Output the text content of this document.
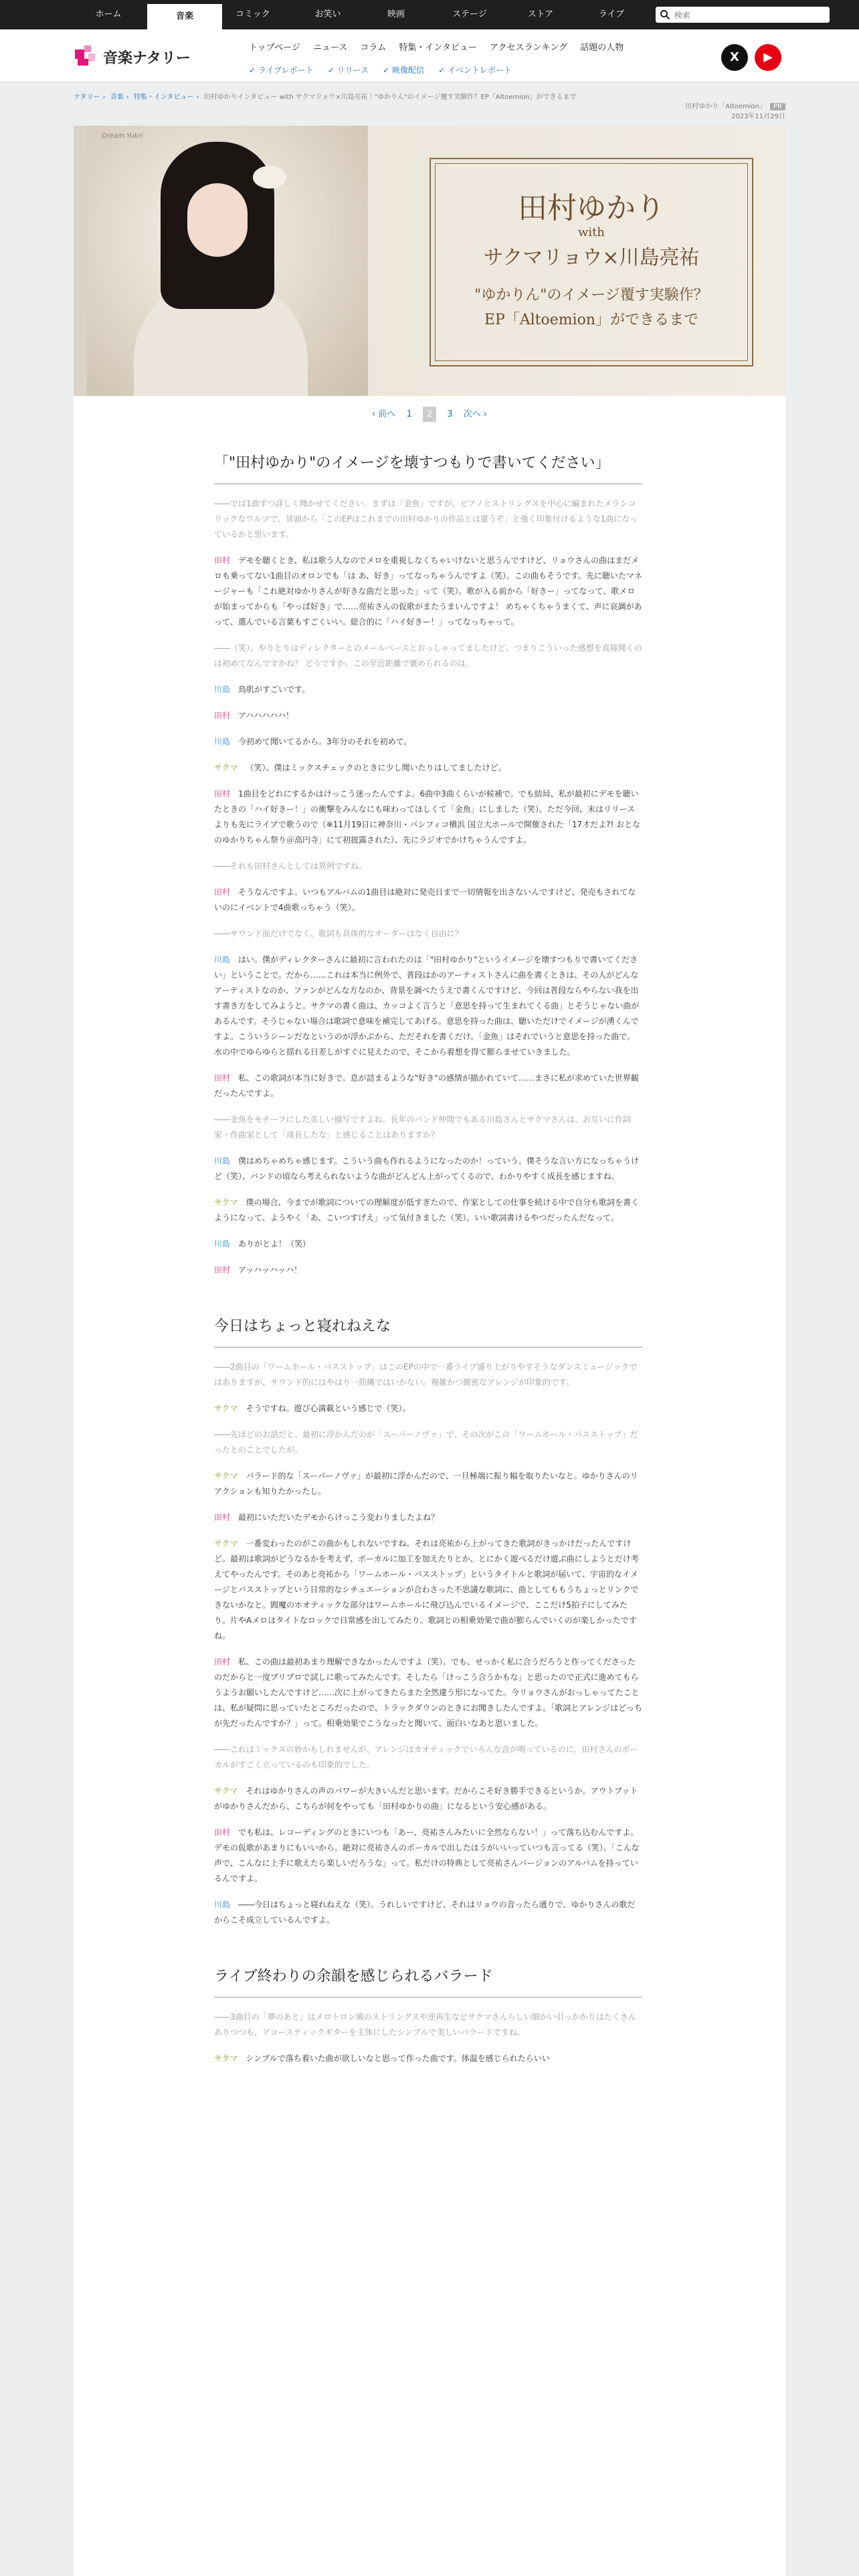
ホーム	音楽	コミック	お笑い	映画	ステージ	ストア	ライブ
検索
音楽ナタリー
トップページ ニュース コラム 特集・インタビュー アクセスランキング 話題の人物
✓ ライブレポート	✓ リリース	✓ 映像配信	✓ イベントレポート
X	▶
ナタリー › 音楽 › 特集・インタビュー › 田村ゆかりインタビュー with サクマリョウ×川島亮祐｜"ゆかりん"のイメージ覆す実験作？EP「Altoemion」ができるまで
田村ゆかり「Altoemion」 PR
2023年11月29日
Dream Yukri
田村ゆかり
with
サクマリョウ×川島亮祐
"ゆかりん"のイメージ覆す実験作？
EP「Altoemion」ができるまで
‹ 前へ 1 2 3 次へ ›
「"田村ゆかり"のイメージを壊すつもりで書いてください」

――では1曲ずつ詳しく聞かせてください。まずは「金魚」ですが、ピアノとストリングスを中心に編まれたメランコリックなワルツで、冒頭から「このEPはこれまでの田村ゆかりの作品とは違うぞ」と強く印象付けるような1曲になっているかと思います。

田村 デモを聴くとき、私は歌う人なのでメロを重視しなくちゃいけないと思うんですけど、リョウさんの曲はまだメロも乗ってない1曲目のオロンでも「は あ、好き」ってなっちゃうんですよ（笑）。この曲もそうです。先に聴いたマネージャーも「これ絶対ゆかりさんが好きな曲だと思った」って（笑）。歌が入る前から「好きー」ってなって、歌メロが始まってからも「やっぱ好き」で……亮祐さんの仮歌がまたうまいんですよ！ めちゃくちゃうまくて、声に哀調があって、選んでいる言葉もすごくいい。総合的に「ハイ好きー！」ってなっちゃって。

――（笑）。やりとりはディレクターとのメールベースとおっしゃってましたけど、つまりこういった感想を直接聞くのは初めてなんですかね？ どうですか、この至近距離で褒められるのは。

川島 鳥肌がすごいです。

田村 アハハハハハ！

川島 今初めて聞いてるから。3年分のそれを初めて。

サクマ （笑）。僕はミックスチェックのときに少し聞いたりはしてましたけど。

田村 1曲目をどれにするかはけっこう迷ったんですよ。6曲中3曲くらいが候補で。でも結局、私が最初にデモを聴いたときの「ハイ好きー！」の衝撃をみんなにも味わってほしくて「金魚」にしました（笑）。ただ今回、末はリリースよりも先にライブで歌うので（※11月19日に神奈川・パシフィコ横浜 国立大ホールで開催された「17才だよ?! おとなのゆかりちゃん祭り＠高円寺」にて初披露された）、先にラジオでかけちゃうんですよ。

――それも田村さんとしては異例ですね。

田村 そうなんですよ。いつもアルバムの1曲目は絶対に発売日まで一切情報を出さないんですけど、発売もされてないのにイベントで4曲歌っちゃう（笑）。

――サウンド面だけでなく、歌詞も具体的なオーダーはなく自由に？

川島 はい。僕がディレクターさんに最初に言われたのは「"田村ゆかり"というイメージを壊すつもりで書いてください」ということで。だから……これは本当に例外で、普段はかのアーティストさんに曲を書くときは、その人がどんなアーティストなのか、ファンがどんな方なのか、背景を調べたうえで書くんですけど、今回は普段ならやらない我を出す書き方をしてみようと。サクマの書く曲は、カッコよく言うと「意思を持って生まれてくる曲」とそうじゃない曲があるんです。そうじゃない場合は歌詞で意味を補完してあげる。意思を持った曲は、聴いただけでイメージが湧くんですよ。こういうシーンだなというのが浮かぶから、ただそれを書くだけ。「金魚」はそれでいうと意思を持った曲で。水の中でゆらゆらと揺れる日差しがすぐに見えたので、そこから着想を得て膨らませていきました。

田村 私、この歌詞が本当に好きで。息が詰まるような"好き"の感情が描かれていて……まさに私が求めていた世界観だったんですよ。

――金魚をモチーフにした美しい描写ですよね。長年のバンド仲間でもある川島さんとサクマさんは、お互いに作詞家・作曲家として「成長したな」と感じることはありますか？

川島 僕はめちゃめちゃ感じます。こういう曲も作れるようになったのか！っていう。僕そうな言い方になっちゃうけど（笑）、バンドの頃なら考えられないような曲がどんどん上がってくるので、わかりやすく成長を感じますね。

サクマ 僕の場合、今までが歌詞についての理解度が低すぎたので、作家としての仕事を続ける中で自分も歌詞を書くようになって、ようやく「あ、こいつすげえ」って気付きました（笑）。いい歌詞書けるやつだったんだなって。

川島 ありがとよ！（笑）

田村 アッハッハッハ！

今日はちょっと寝れねえな

――2曲目の「ワームホール・パスストップ」はこのEPの中で一番ライブ盛り上がりやすそうなダンスミュージックではありますが、サウンド的にはやはり一筋縄ではいかない。複雑かつ緻密なアレンジが印象的です。

サクマ そうですね。遊び心満載という感じで（笑）。

――先ほどのお話だと、最初に浮かんだのが「スーパーノヴァ」で、その次がこの「ワームホール・パスストップ」だったとのことでしたが。

サクマ バラード的な「スーパーノヴァ」が最初に浮かんだので、一旦極端に振り幅を取りたいなと。ゆかりさんのリアクションも知りたかったし。

田村 最初にいただいたデモからけっこう変わりましたよね？

サクマ 一番変わったのがこの曲かもしれないですね。それは亮祐から上がってきた歌詞がきっかけだったんですけど。最初は歌詞がどうなるかを考えず、ボーカルに加工を加えたりとか、とにかく遊べるだけ遊ぶ曲にしようとだけ考えてやったんです。そのあと亮祐から「ワームホール・パスストップ」というタイトルと歌詞が届いて、宇宙的なイメージとバスストップという日常的なシチュエーションが合わさった不思議な歌詞に、曲としてももうちょっとリンクできないかなと。閻魔のホオティックな部分はワームホールに飛び込んでいるイメージで、ここだけ5拍子にしてみたり。片やAメロはタイトなロックで日常感を出してみたり。歌詞との相乗効果で曲が膨らんでいくのが楽しかったですね。

田村 私、この曲は最初あまり理解できなかったんですよ（笑）。でも、せっかく私に合うだろうと作ってくださったのだからと一度プリプロで試しに歌ってみたんです。そしたら「けっこう合うかもな」と思ったので正式に進めてもらうようお願いしたんですけど……次に上がってきたらまた全然違う形になってた。今リョウさんがおっしゃってたことは、私が疑問に思っていたところだったので、トラックダウンのときにお聞きしたんですよ。「歌詞とアレンジはどっちが先だったんですか？」って。相乗効果でこうなったと聞いて、面白いなあと思いました。

――これはミックスの妙かもしれませんが、アレンジはカオティックでいろんな音が鳴っているのに、田村さんのボーカルがすごく立っているのも印象的でした。

サクマ それはゆかりさんの声のパワーが大きいんだと思います。だからこそ好き勝手できるというか。アウトプットがゆかりさんだから、こちらが何をやっても「田村ゆかりの曲」になるという安心感がある。

田村 でも私は、レコーディングのときにいつも「あー、亮祐さんみたいに全然ならない！」って落ち込むんですよ。デモの仮歌があまりにもいいから。絶対に亮祐さんのボーカルで出したほうがいいっていつも言ってる（笑）。「こんな声で、こんなに上手に歌えたら楽しいだろうな」って。私だけの特典として亮祐さんバージョンのアルバムを持っているんですよ。

川島 ――今日はちょっと寝れねえな（笑）。うれしいですけど、それはリョウの音ったら通りで、ゆかりさんの歌だからこそ成立しているんですよ。

ライブ終わりの余韻を感じられるバラード

――3曲目の「夢のあと」はメロトロン風のストリングスや逆再生などサクマさんらしい細かい引っかかりはたくさんありつつも、アコースティックギターを主体にしたシンプルで美しいバラードですね。

サクマ シンプルで落ち着いた曲が欲しいなと思って作った曲です。体温を感じられたらいい
